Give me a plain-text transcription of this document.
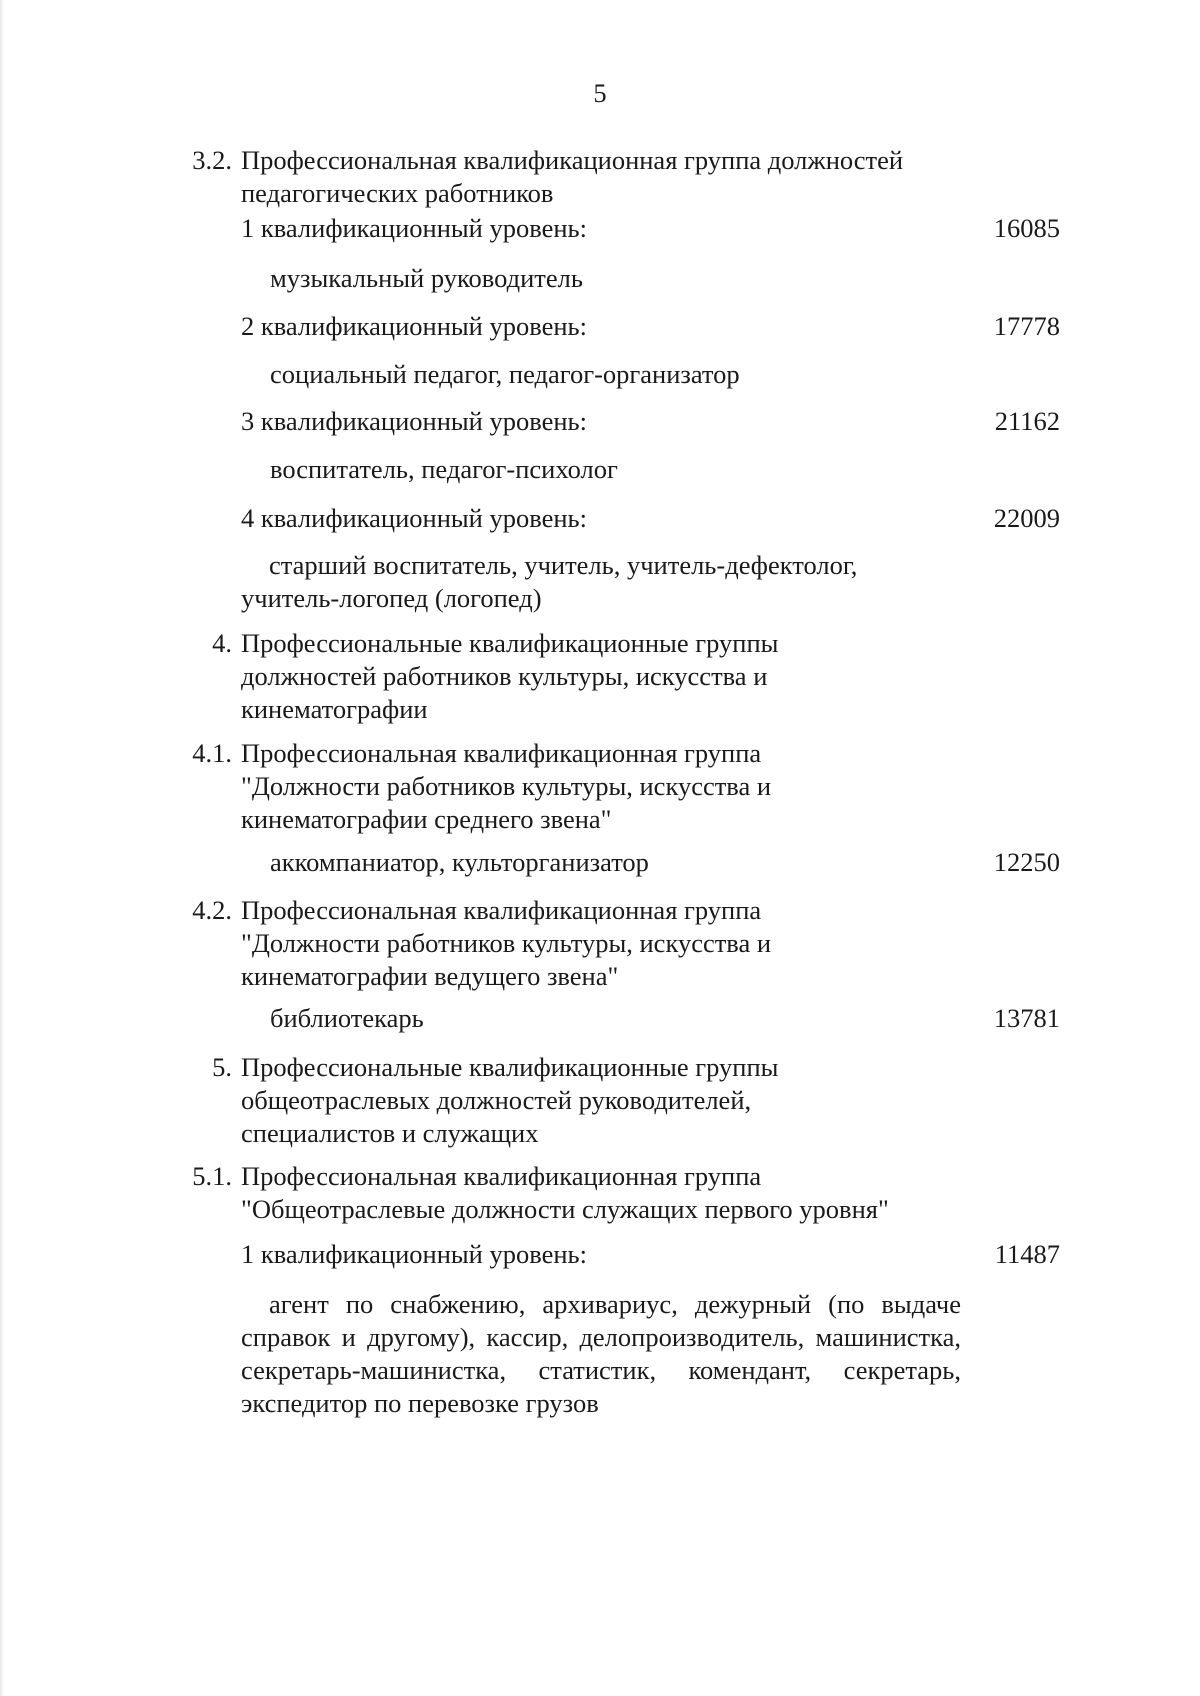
5
3.2. Профессиональная квалификационная группа должностей педагогических работников
1 квалификационный уровень:	16085
музыкальный руководитель
2 квалификационный уровень:	17778
социальный педагог, педагог-организатор
3 квалификационный уровень:	21162
воспитатель, педагог-психолог
4 квалификационный уровень:	22009
старший воспитатель, учитель, учитель-дефектолог, учитель-логопед (логопед)
4. Профессиональные квалификационные группы должностей работников культуры, искусства и кинематографии
4.1. Профессиональная квалификационная группа "Должности работников культуры, искусства и кинематографии среднего звена"
аккомпаниатор, культорганизатор	12250
4.2. Профессиональная квалификационная группа "Должности работников культуры, искусства и кинематографии ведущего звена"
библиотекарь	13781
5. Профессиональные квалификационные группы общеотраслевых должностей руководителей, специалистов и служащих
5.1. Профессиональная квалификационная группа "Общеотраслевые должности служащих первого уровня"
1 квалификационный уровень:	11487
агент по снабжению, архивариус, дежурный (по выдаче справок и другому), кассир, делопроизводитель, машинистка, секретарь-машинистка, статистик, комендант, секретарь, экспедитор по перевозке грузов
